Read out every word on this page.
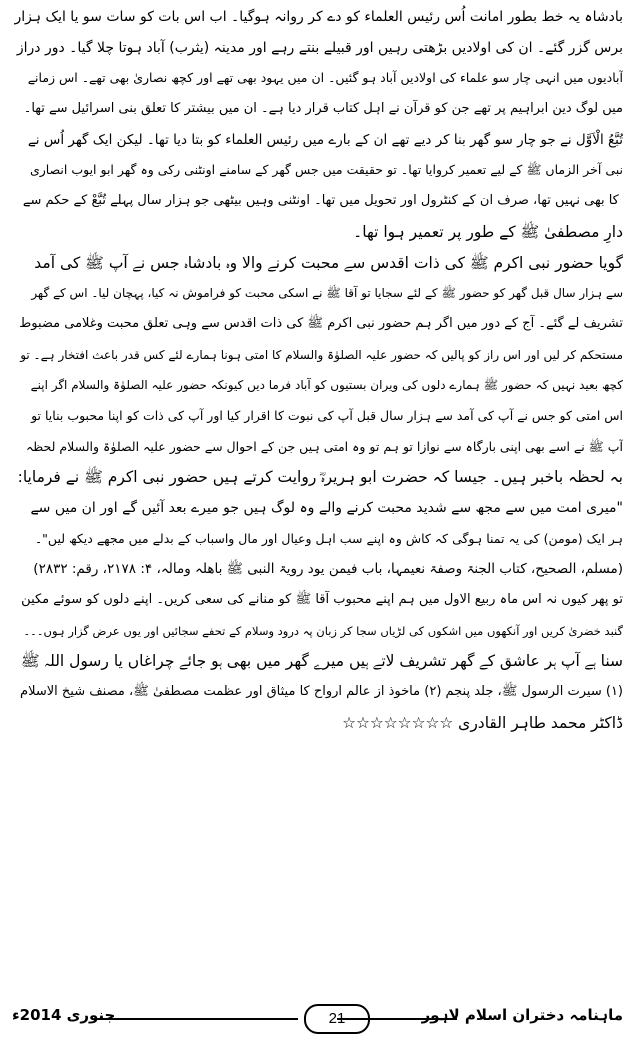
بادشاہ یہ خط بطور امانت اُس رئیس العلماء کو دے کر روانہ ہوگیا۔ اب اس بات کو سات سو یا ایک ہزار
برس گزر گئے۔ ان کی اولادیں بڑھتی رہیں اور قبیلے بنتے رہے اور مدینہ (یثرب) آباد ہوتا چلا گیا۔ دور دراز
آبادیوں میں انہی چار سو علماء کی اولادیں آباد ہو گئیں۔ ان میں یہود بھی تھے اور کچھ نصاریٰ بھی تھے۔ اس زمانے
میں لوگ دین ابراہیم پر تھے جن کو قرآن نے اہل کتاب قرار دیا ہے۔ ان میں بیشتر کا تعلق بنی اسرائیل سے تھا۔
تُبَّعُ الْاَوَّل نے جو چار سو گھر بنا کر دیے تھے ان کے بارے میں رئیس العلماء کو بتا دیا تھا۔ لیکن ایک گھر اُس نے
نبی آخر الزماں ﷺ کے لیے تعمیر کروایا تھا۔ تو حقیقت میں جس گھر کے سامنے اونٹنی رکی وہ گھر ابو ایوب انصاری
ؓ کا بھی نہیں تھا، صرف ان کے کنٹرول اور تحویل میں تھا۔ اونٹنی وہیں بیٹھی جو ہزار سال پہلے تُبَّعْ کے حکم سے
دارِ مصطفیٰ ﷺ کے طور پر تعمیر ہوا تھا۔
گویا حضور نبی اکرم ﷺ کی ذات اقدس سے محبت کرنے والا وہ بادشاہ جس نے آپ ﷺ کی آمد
سے ہزار سال قبل گھر کو حضور ﷺ کے لئے سجایا تو آقا ﷺ نے اسکی محبت کو فراموش نہ کیا، پہچان لیا۔ اس کے گھر
تشریف لے گئے۔ آج کے دور میں اگر ہم حضور نبی اکرم ﷺ کی ذات اقدس سے وہی تعلق محبت وغلامی مضبوط
مستحکم کر لیں اور اس راز کو پالیں کہ حضور علیہ الصلوٰۃ والسلام کا امتی ہونا ہمارے لئے کس قدر باعث افتخار ہے۔ تو
کچھ بعید نہیں کہ حضور ﷺ ہمارے دلوں کی ویران بستیوں کو آباد فرما دیں کیونکہ حضور علیہ الصلوٰۃ والسلام اگر اپنے
اس امتی کو جس نے آپ کی آمد سے ہزار سال قبل آپ کی نبوت کا اقرار کیا اور آپ کی ذات کو اپنا محبوب بنایا تو
آپ ﷺ نے اسے بھی اپنی بارگاہ سے نوازا تو ہم تو وہ امتی ہیں جن کے احوال سے حضور علیہ الصلوٰۃ والسلام لحظہ
بہ لحظہ باخبر ہیں۔ جیسا کہ حضرت ابو ہریرہؓ روایت کرتے ہیں حضور نبی اکرم ﷺ نے فرمایا:
"میری امت میں سے مجھ سے شدید محبت کرنے والے وہ لوگ ہیں جو میرے بعد آئیں گے اور ان میں سے
ہر ایک (مومن) کی یہ تمنا ہوگی کہ کاش وہ اپنے سب اہل وعیال اور مال واسباب کے بدلے میں مجھے دیکھ لیں"۔
(مسلم، الصحیح، کتاب الجنۃ وصفۃ نعیمہا، باب فیمن یود رویۃ النبی ﷺ باھلہ ومالہ، ۴: ۲۱۷۸، رقم: ۲۸۳۲)
تو پھر کیوں نہ اس ماہ ربیع الاول میں ہم اپنے محبوب آقا ﷺ کو منانے کی سعی کریں۔ اپنے دلوں کو سوئے مکین
گنبد خضریٰ کریں اور آنکھوں میں اشکوں کی لڑیاں سجا کر زبان پہ درود وسلام کے تحفے سجائیں اور یوں عرض گزار ہوں۔۔۔
سنا ہے آپ ہر عاشق کے گھر تشریف لاتے ہیں میرے گھر میں بھی ہو جائے چراغاں یا رسول اللہ ﷺ
(۱) سیرت الرسول ﷺ، جلد پنجم (۲) ماخوذ از عالم ارواح کا میثاق اور عظمت مصطفیٰ ﷺ، مصنف شیخ الاسلام
ڈاکٹر محمد طاہر القادری ☆☆☆☆☆☆☆☆
ماہنامہ دختران اسلام لاہور
21
جنوری 2014ء
